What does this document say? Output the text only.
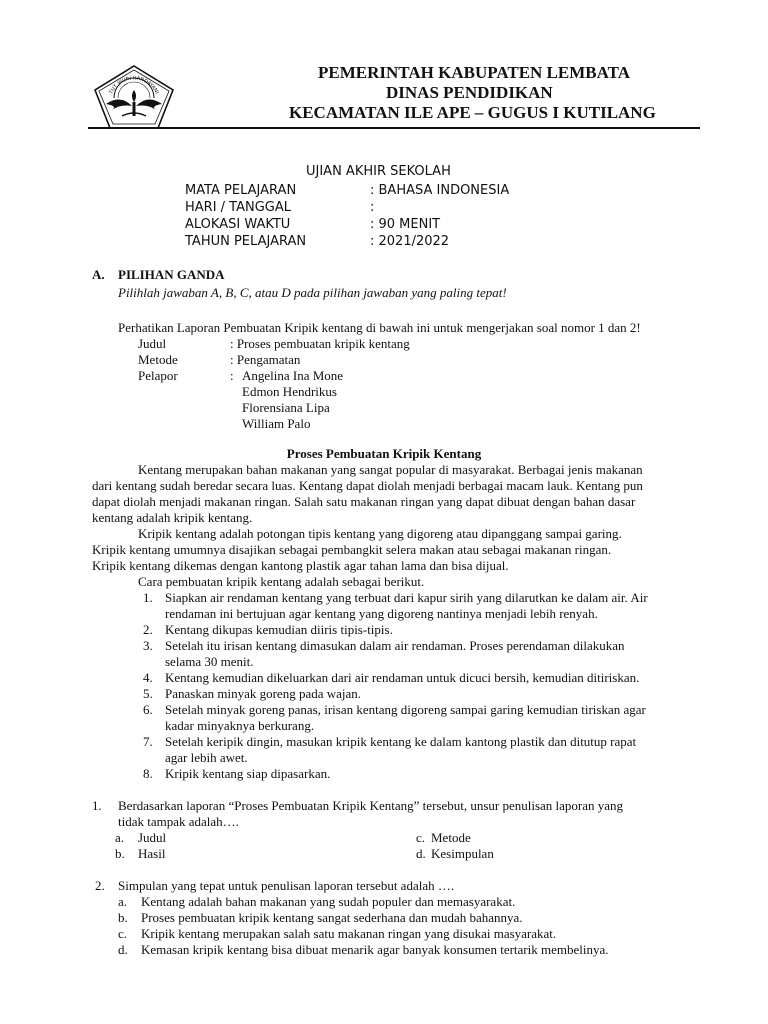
TUT WURI HANDAYANI
PEMERINTAH KABUPATEN LEMBATA
DINAS PENDIDIKAN
KECAMATAN ILE APE – GUGUS I KUTILANG
UJIAN AKHIR SEKOLAH
MATA PELAJARAN	: BAHASA INDONESIA
HARI / TANGGAL	:
ALOKASI WAKTU	: 90 MENIT
TAHUN PELAJARAN	: 2021/2022
A. PILIHAN GANDA
Pilihlah jawaban A, B, C, atau D pada pilihan jawaban yang paling tepat!
Perhatikan Laporan Pembuatan Kripik kentang di bawah ini untuk mengerjakan soal nomor 1 dan 2!
Judul	: Proses pembuatan kripik kentang
Metode	: Pengamatan
Pelapor	: Angelina Ina Mone
Edmon Hendrikus
Florensiana Lipa
William Palo
Proses Pembuatan Kripik Kentang
Kentang merupakan bahan makanan yang sangat popular di masyarakat. Berbagai jenis makanan
dari kentang sudah beredar secara luas. Kentang dapat diolah menjadi berbagai macam lauk. Kentang pun
dapat diolah menjadi makanan ringan. Salah satu makanan ringan yang dapat dibuat dengan bahan dasar
kentang adalah kripik kentang.
Kripik kentang adalah potongan tipis kentang yang digoreng atau dipanggang sampai garing.
Kripik kentang umumnya disajikan sebagai pembangkit selera makan atau sebagai makanan ringan.
Kripik kentang dikemas dengan kantong plastik agar tahan lama dan bisa dijual.
Cara pembuatan kripik kentang adalah sebagai berikut.
1. Siapkan air rendaman kentang yang terbuat dari kapur sirih yang dilarutkan ke dalam air. Air
rendaman ini bertujuan agar kentang yang digoreng nantinya menjadi lebih renyah.
2. Kentang dikupas kemudian diiris tipis-tipis.
3. Setelah itu irisan kentang dimasukan dalam air rendaman. Proses perendaman dilakukan
selama 30 menit.
4. Kentang kemudian dikeluarkan dari air rendaman untuk dicuci bersih, kemudian ditiriskan.
5. Panaskan minyak goreng pada wajan.
6. Setelah minyak goreng panas, irisan kentang digoreng sampai garing kemudian tiriskan agar
kadar minyaknya berkurang.
7. Setelah keripik dingin, masukan kripik kentang ke dalam kantong plastik dan ditutup rapat
agar lebih awet.
8. Kripik kentang siap dipasarkan.
1. Berdasarkan laporan “Proses Pembuatan Kripik Kentang” tersebut, unsur penulisan laporan yang
tidak tampak adalah….
a. Judul
b. Hasil
c. Metode
d. Kesimpulan
2. Simpulan yang tepat untuk penulisan laporan tersebut adalah ….
a. Kentang adalah bahan makanan yang sudah populer dan memasyarakat.
b. Proses pembuatan kripik kentang sangat sederhana dan mudah bahannya.
c. Kripik kentang merupakan salah satu makanan ringan yang disukai masyarakat.
d. Kemasan kripik kentang bisa dibuat menarik agar banyak konsumen tertarik membelinya.
